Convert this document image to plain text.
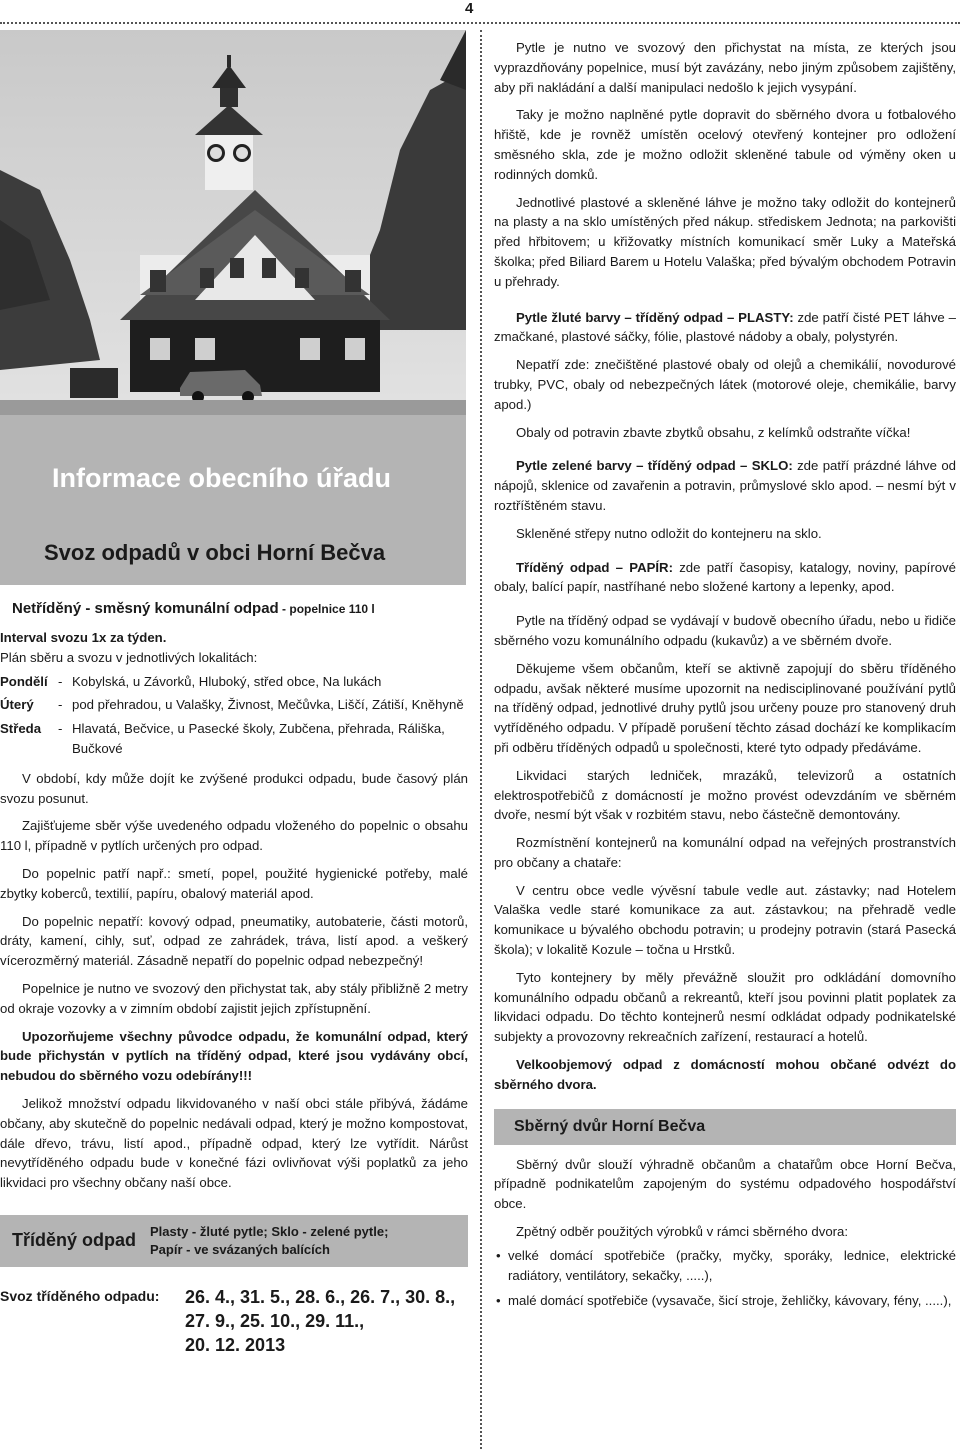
4
Informace obecního úřadu
Svoz odpadů v obci Horní Bečva
Netříděný - směsný komunální odpad - popelnice 110 l
Interval svozu 1x za týden.
Plán sběru a svozu v jednotlivých lokalitách:
Pondělí - Kobylská, u Závorků, Hluboký, střed obce, Na lukách
Úterý	- pod přehradou, u Valašky, Živnost, Mečůvka, Liščí, Zátiší, Kněhyně
Středa	- Hlavatá, Bečvice, u Pasecké školy, Zubčena, přehrada, Ráliška, Bučkové

V období, kdy může dojít ke zvýšené produkci odpadu, bude časový plán svozu posunut.

Zajišťujeme sběr výše uvedeného odpadu vloženého do popelnic o obsahu 110 l, případně v pytlích určených pro odpad.

Do popelnic patří např.: smetí, popel, použité hygienické potřeby, malé zbytky koberců, textilií, papíru, obalový materiál apod.

Do popelnic nepatří: kovový odpad, pneumatiky, autobaterie, části motorů, dráty, kamení, cihly, suť, odpad ze zahrádek, tráva, listí apod. a veškerý vícerozměrný materiál. Zásadně nepatří do popelnic odpad nebezpečný!

Popelnice je nutno ve svozový den přichystat tak, aby stály přibližně 2 metry od okraje vozovky a v zimním období zajistit jejich zpřístupnění.

Upozorňujeme všechny původce odpadu, že komunální odpad, který bude přichystán v pytlích na tříděný odpad, které jsou vydávány obcí, nebudou do sběrného vozu odebírány!!!

Jelikož množství odpadu likvidovaného v naší obci stále přibývá, žádáme občany, aby skutečně do popelnic nedávali odpad, který je možno kompostovat, dále dřevo, trávu, listí apod., případně odpad, který lze vytřídit. Nárůst nevytříděného odpadu bude v konečné fázi ovlivňovat výši poplatků za jeho likvidaci pro všechny občany naší obce.

Tříděný odpad	Plasty - žluté pytle; Sklo - zelené pytle;
Papír - ve svázaných balících
Svoz tříděného odpadu:	26. 4., 31. 5., 28. 6., 26. 7., 30. 8.,
27. 9., 25. 10., 29. 11.,
20. 12. 2013

Pytle je nutno ve svozový den přichystat na místa, ze kterých jsou vyprazdňovány popelnice, musí být zavázány, nebo jiným způsobem zajištěny, aby při nakládání a další manipulaci nedošlo k jejich vysypání.

Taky je možno naplněné pytle dopravit do sběrného dvora u fotbalového hřiště, kde je rovněž umístěn ocelový otevřený kontejner pro odložení směsného skla, zde je možno odložit skleněné tabule od výměny oken u rodinných domků.

Jednotlivé plastové a skleněné láhve je možno taky odložit do kontejnerů na plasty a na sklo umístěných před nákup. střediskem Jednota; na parkovišti před hřbitovem; u křižovatky místních komunikací směr Luky a Mateřská školka; před Biliard Barem u Hotelu Valaška; před bývalým obchodem Potravin u přehrady.

Pytle žluté barvy – tříděný odpad – PLASTY: zde patří čisté PET láhve – zmačkané, plastové sáčky, fólie, plastové nádoby a obaly, polystyrén.

Nepatří zde: znečištěné plastové obaly od olejů a chemikálií, novodurové trubky, PVC, obaly od nebezpečných látek (motorové oleje, chemikálie, barvy apod.)

Obaly od potravin zbavte zbytků obsahu, z kelímků odstraňte víčka!

Pytle zelené barvy – tříděný odpad – SKLO: zde patří prázdné láhve od nápojů, sklenice od zavařenin a potravin, průmyslové sklo apod. – nesmí být v roztříštěném stavu.

Skleněné střepy nutno odložit do kontejneru na sklo.

Tříděný odpad – PAPÍR: zde patří časopisy, katalogy, noviny, papírové obaly, balící papír, nastříhané nebo složené kartony a lepenky, apod.

Pytle na tříděný odpad se vydávají v budově obecního úřadu, nebo u řidiče sběrného vozu komunálního odpadu (kukavůz) a ve sběrném dvoře.

Děkujeme všem občanům, kteří se aktivně zapojují do sběru tříděného odpadu, avšak některé musíme upozornit na nedisciplinované používání pytlů na tříděný odpad, jednotlivé druhy pytlů jsou určeny pouze pro stanovený druh vytříděného odpadu. V případě porušení těchto zásad dochází ke komplikacím při odběru tříděných odpadů u společnosti, které tyto odpady předáváme.

Likvidaci starých ledniček, mrazáků, televizorů a ostatních elektrospotřebičů z domácností je možno provést odevzdáním ve sběrném dvoře, nesmí být však v rozbitém stavu, nebo částečně demontovány.

Rozmístnění kontejnerů na komunální odpad na veřejných prostranstvích pro občany a chataře:

V centru obce vedle vývěsní tabule vedle aut. zástavky; nad Hotelem Valaška vedle staré komunikace za aut. zástavkou; na přehradě vedle komunikace u bývalého obchodu potravin; u prodejny potravin (stará Pasecká škola); v lokalitě Kozule – točna u Hrstků.

Tyto kontejnery by měly převážně sloužit pro odkládání domovního komunálního odpadu občanů a rekreantů, kteří jsou povinni platit poplatek za likvidaci odpadu. Do těchto kontejnerů nesmí odkládat odpady podnikatelské subjekty a provozovny rekreačních zařízení, restaurací a hotelů.

Velkoobjemový odpad z domácností mohou občané odvézt do sběrného dvora.

Sběrný dvůr Horní Bečva

Sběrný dvůr slouží výhradně občanům a chatařům obce Horní Bečva, případně podnikatelům zapojeným do systému odpadového hospodářství obce.

Zpětný odběr použitých výrobků v rámci sběrného dvora:

• velké domácí spotřebiče (pračky, myčky, sporáky, lednice, elektrické radiátory, ventilátory, sekačky, .....),
• malé domácí spotřebiče (vysavače, šicí stroje, žehličky, kávovary, fény, .....),
